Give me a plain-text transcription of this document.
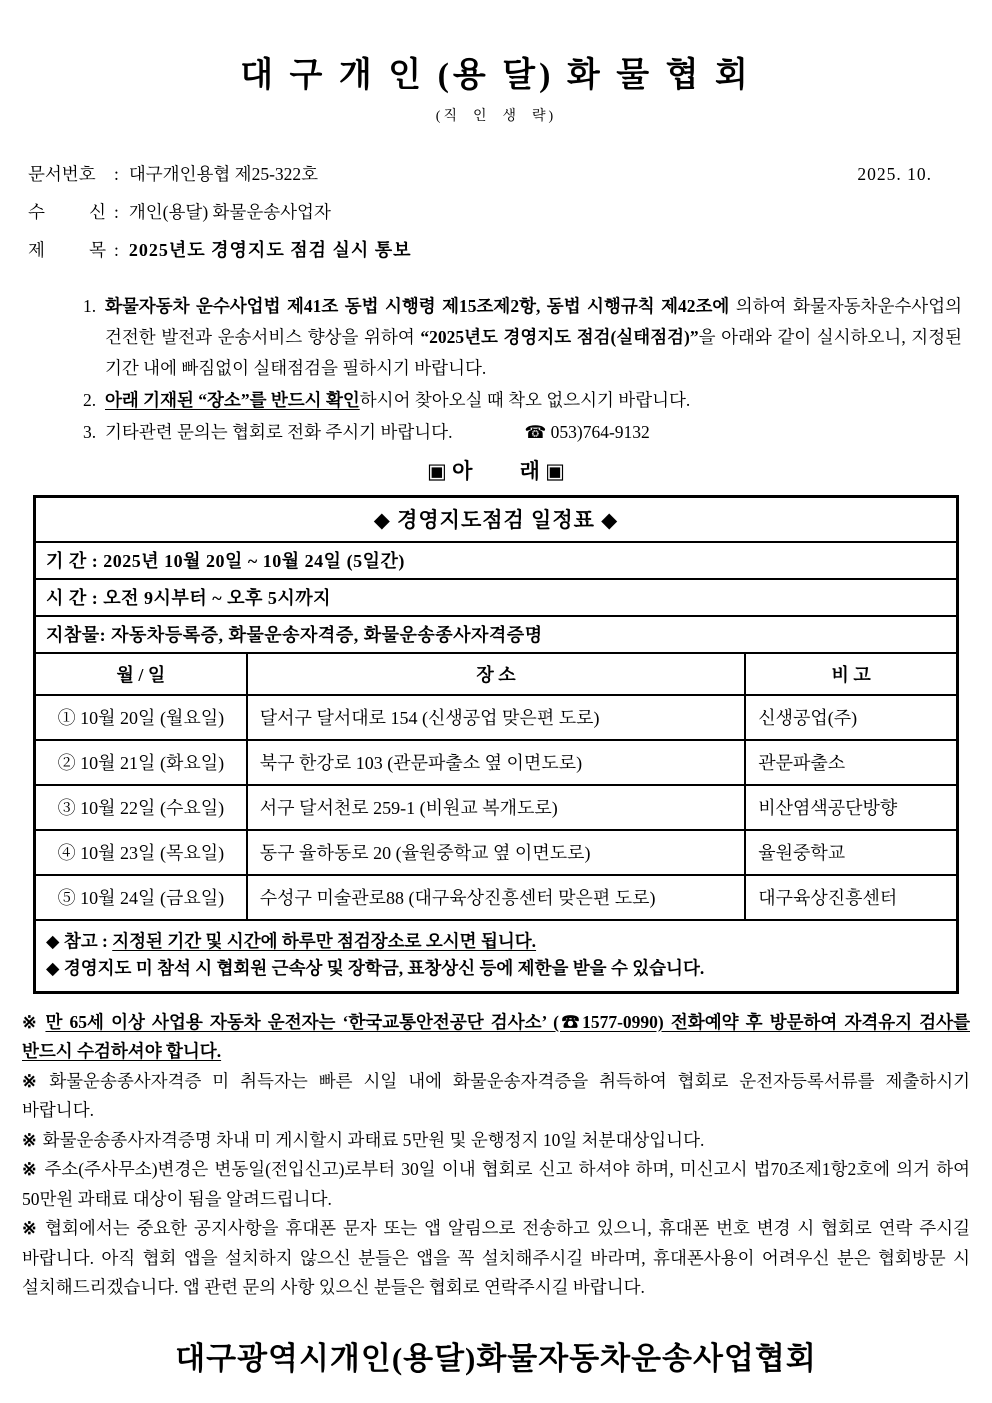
대 구 개 인 (용 달) 화 물 협 회
(직  인  생  략)
문서번호	: 대구개인용협 제25-322호	2025. 10.
수 신 : 개인(용달) 화물운송사업자
제 목 : 2025년도 경영지도 점검 실시 통보
1. 화물자동차 운수사업법 제41조 동법 시행령 제15조제2항, 동법 시행규칙 제42조에 의하여 화물자동차운수사업의 건전한 발전과 운송서비스 향상을 위하여 “2025년도 경영지도 점검(실태점검)”을 아래와 같이 실시하오니, 지정된 기간 내에 빠짐없이 실태점검을 필하시기 바랍니다.
2. 아래 기재된 “장소”를 반드시 확인하시어 찾아오실 때 착오 없으시기 바랍니다.
3. 기타관련 문의는 협회로 전화 주시기 바랍니다.	☎ 053)764-9132
▣ 아         래 ▣
◆ 경영지도점검 일정표 ◆		
기 간 : 2025년 10월 20일 ~ 10월 24일 (5일간)		
시 간 : 오전 9시부터 ~ 오후 5시까지		
지참물: 자동차등록증, 화물운송자격증, 화물운송종사자격증명		
월 / 일	장 소	비 고
① 10월 20일 (월요일)	달서구 달서대로 154 (신생공업 맞은편 도로)	신생공업(주)
② 10월 21일 (화요일)	북구 한강로 103 (관문파출소 옆 이면도로)	관문파출소
③ 10월 22일 (수요일)	서구 달서천로 259-1 (비원교 복개도로)	비산염색공단방향
④ 10월 23일 (목요일)	동구 율하동로 20 (율원중학교 옆 이면도로)	율원중학교
⑤ 10월 24일 (금요일)	수성구 미술관로88 (대구육상진흥센터 맞은편 도로)	대구육상진흥센터

◆ 참고 : 지정된 기간 및 시간에 하루만 점검장소로 오시면 됩니다.
◆ 경영지도 미 참석 시 협회원 근속상 및 장학금, 표창상신 등에 제한을 받을 수 있습니다.		

※ 만 65세 이상 사업용 자동차 운전자는 ‘한국교통안전공단 검사소’ (☎1577-0990) 전화예약 후 방문하여 자격유지 검사를 반드시 수검하셔야 합니다.

※ 화물운송종사자격증 미 취득자는 빠른 시일 내에 화물운송자격증을 취득하여 협회로 운전자등록서류를 제출하시기 바랍니다.

※ 화물운송종사자격증명 차내 미 게시할시 과태료 5만원 및 운행정지 10일 처분대상입니다.

※ 주소(주사무소)변경은 변동일(전입신고)로부터 30일 이내 협회로 신고 하셔야 하며, 미신고시 법70조제1항2호에 의거 하여 50만원 과태료 대상이 됨을 알려드립니다.

※ 협회에서는 중요한 공지사항을 휴대폰 문자 또는 앱 알림으로 전송하고 있으니, 휴대폰 번호 변경 시 협회로 연락 주시길 바랍니다. 아직 협회 앱을 설치하지 않으신 분들은 앱을 꼭 설치해주시길 바라며, 휴대폰사용이 어려우신 분은 협회방문 시 설치해드리겠습니다. 앱 관련 문의 사항 있으신 분들은 협회로 연락주시길 바랍니다.

대구광역시개인(용달)화물자동차운송사업협회
